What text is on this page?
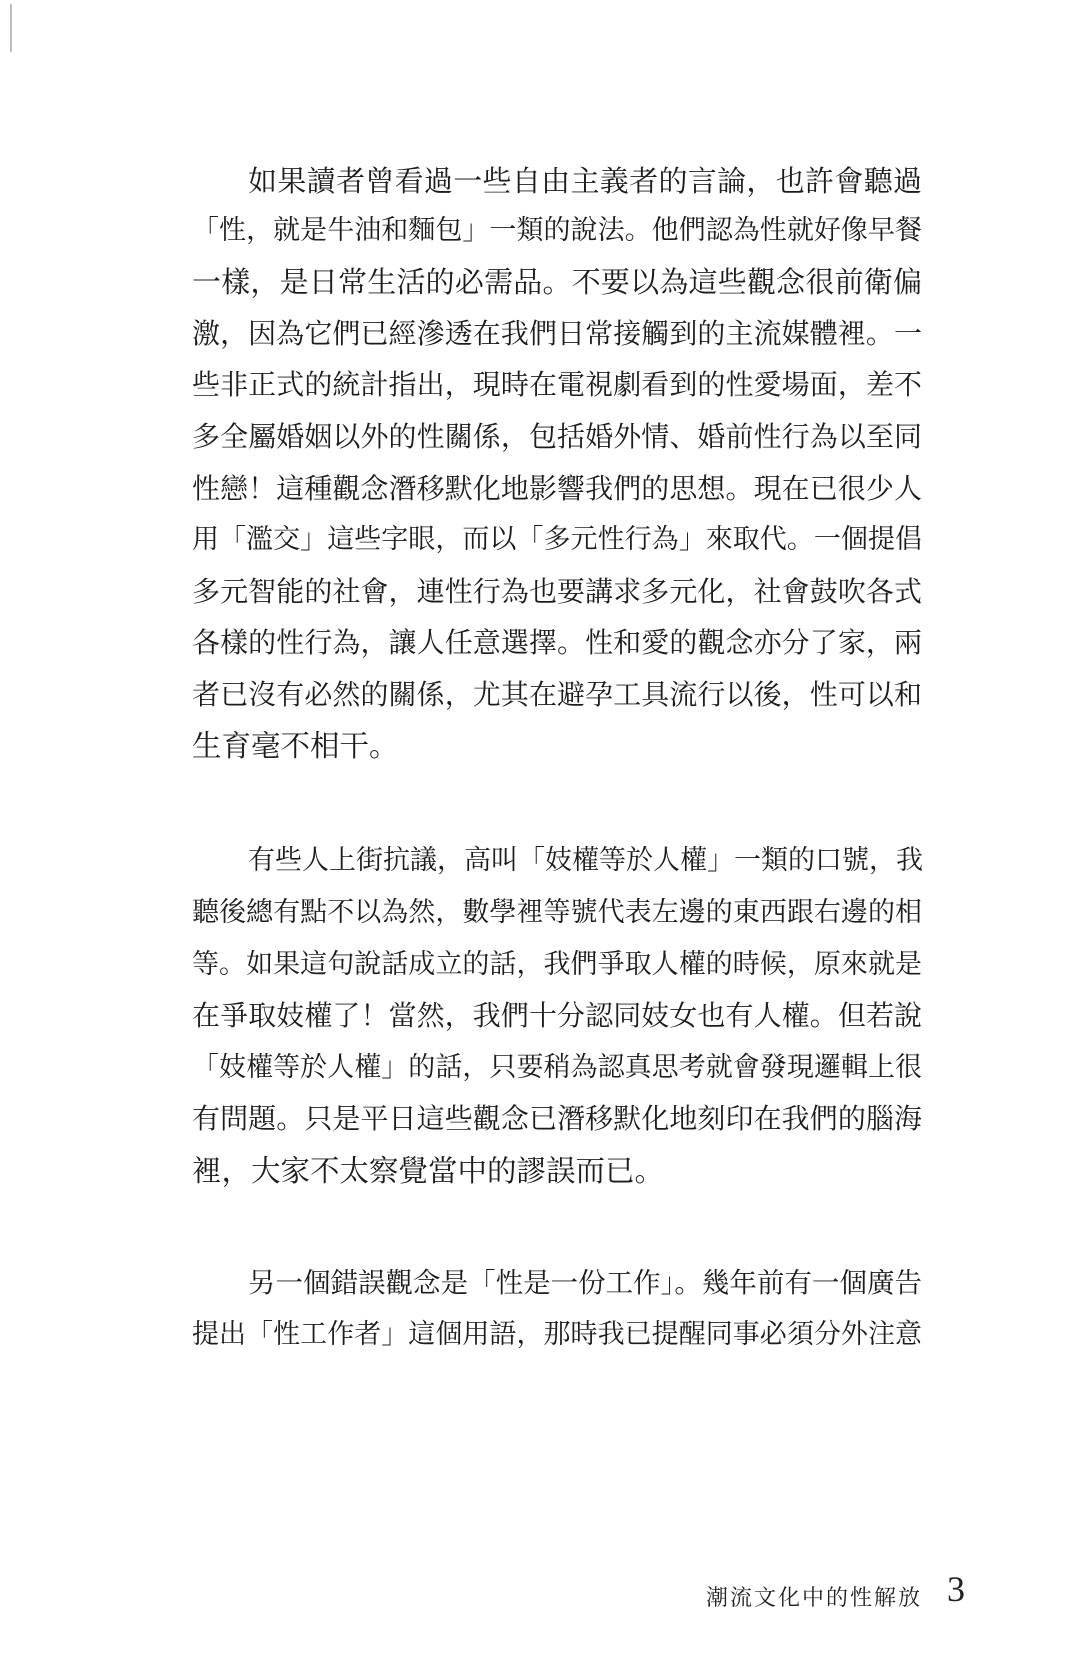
如果讀者曾看過一些自由主義者的言論，也許會聽過
「性，就是牛油和麵包」一類的說法。他們認為性就好像早餐
一樣，是日常生活的必需品。不要以為這些觀念很前衛偏
激，因為它們已經滲透在我們日常接觸到的主流媒體裡。一
些非正式的統計指出，現時在電視劇看到的性愛場面，差不
多全屬婚姻以外的性關係，包括婚外情、婚前性行為以至同
性戀！這種觀念潛移默化地影響我們的思想。現在已很少人
用「濫交」這些字眼，而以「多元性行為」來取代。一個提倡
多元智能的社會，連性行為也要講求多元化，社會鼓吹各式
各樣的性行為，讓人任意選擇。性和愛的觀念亦分了家，兩
者已沒有必然的關係，尤其在避孕工具流行以後，性可以和
生育毫不相干。
有些人上街抗議，高叫「妓權等於人權」一類的口號，我
聽後總有點不以為然，數學裡等號代表左邊的東西跟右邊的相
等。如果這句說話成立的話，我們爭取人權的時候，原來就是
在爭取妓權了！當然，我們十分認同妓女也有人權。但若說
「妓權等於人權」的話，只要稍為認真思考就會發現邏輯上很
有問題。只是平日這些觀念已潛移默化地刻印在我們的腦海
裡，大家不太察覺當中的謬誤而已。
另一個錯誤觀念是「性是一份工作」。幾年前有一個廣告
提出「性工作者」這個用語，那時我已提醒同事必須分外注意
潮流文化中的性解放 3
